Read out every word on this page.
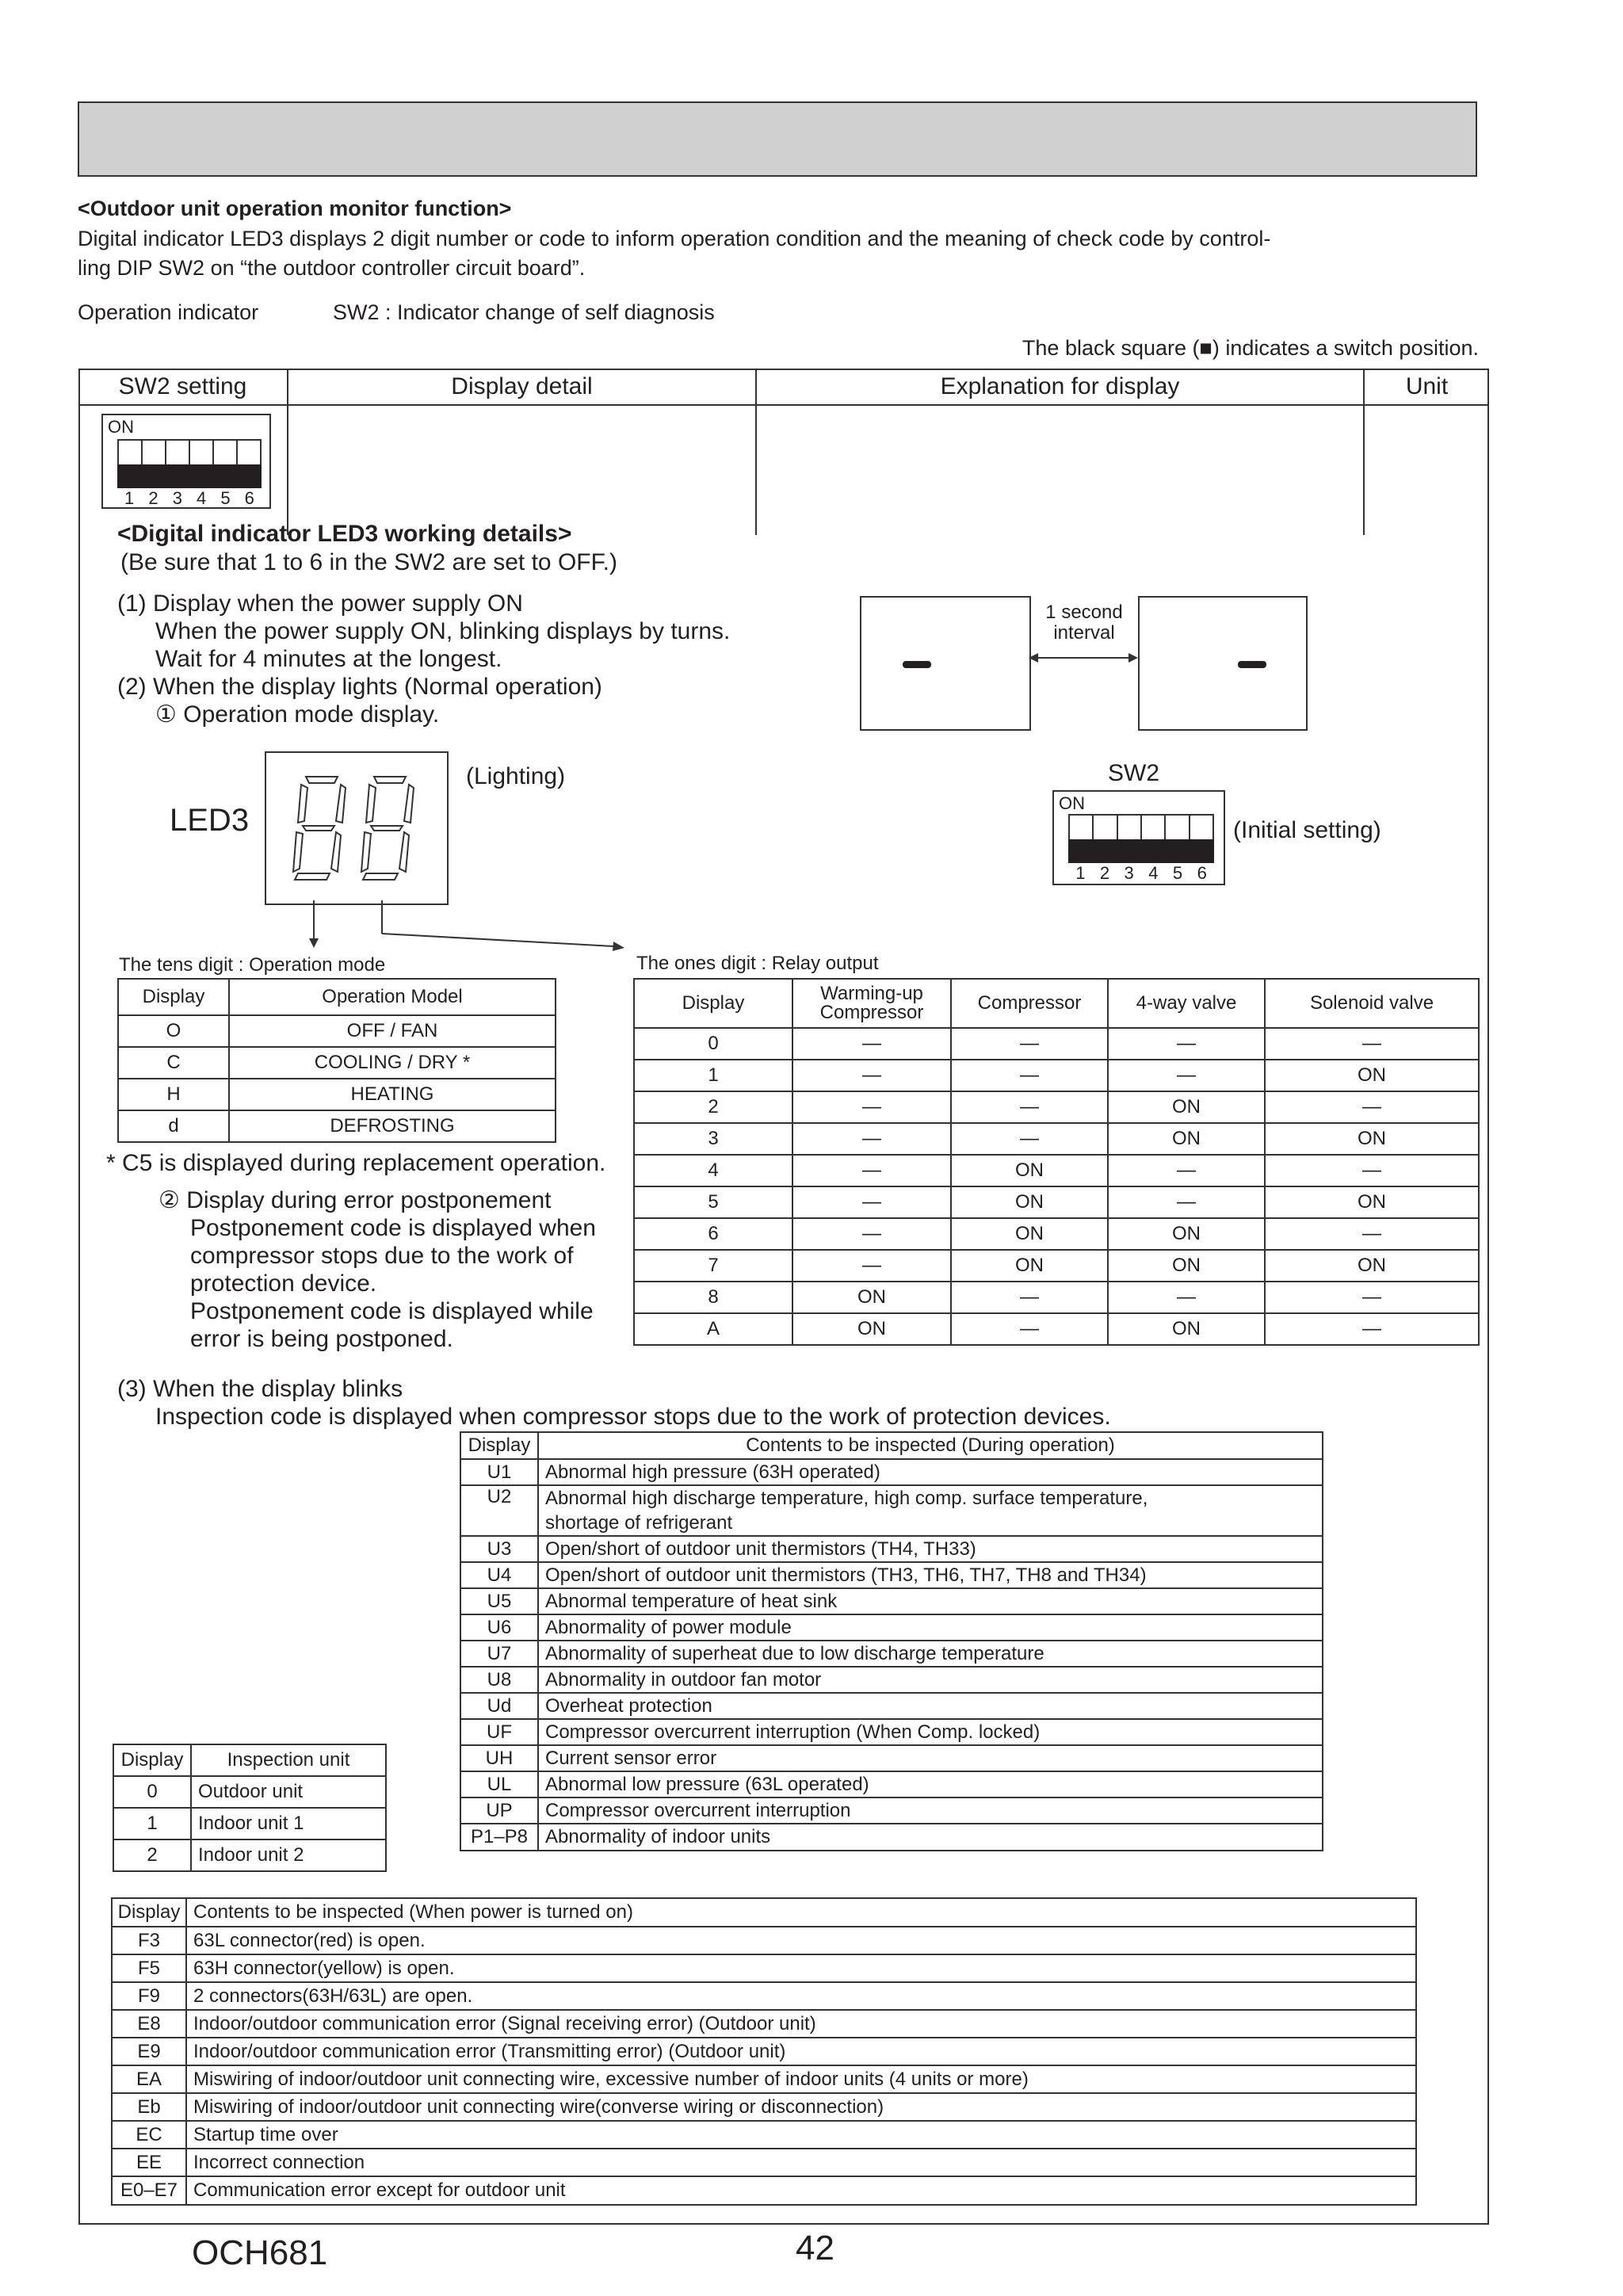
<Outdoor unit operation monitor function>
Digital indicator LED3 displays 2 digit number or code to inform operation condition and the meaning of check code by control-
ling DIP SW2 on “the outdoor controller circuit board”.
Operation indicator	SW2 : Indicator change of self diagnosis
The black square (■) indicates a switch position.
SW2 setting	Display detail	Explanation for display	Unit
ON
1 2 3 4 5 6
<Digital indicator LED3 working details>
(Be sure that 1 to 6 in the SW2 are set to OFF.)
(1) Display when the power supply ON
When the power supply ON, blinking displays by turns.
Wait for 4 minutes at the longest.
(2) When the display lights (Normal operation)
① Operation mode display.
1 second
interval
LED3
(Lighting)	SW2
ON
1 2 3 4 5 6
(Initial setting)
The tens digit : Operation mode
Display	Operation Model
O	OFF / FAN
C	COOLING / DRY *
H	HEATING
d	DEFROSTING
* C5 is displayed during replacement operation.
② Display during error postponement
Postponement code is displayed when
compressor stops due to the work of
protection device.
Postponement code is displayed while
error is being postponed.
The ones digit : Relay output
Display	Warming-up Compressor	Compressor	4-way valve	Solenoid valve
0	—	—	—	—
1	—	—	—	ON
2	—	—	ON	—
3	—	—	ON	ON
4	—	ON	—	—
5	—	ON	—	ON
6	—	ON	ON	—
7	—	ON	ON	ON
8	ON	—	—	—
A	ON	—	ON	—
(3) When the display blinks
Inspection code is displayed when compressor stops due to the work of protection devices.
Display	Contents to be inspected (During operation)
U1	Abnormal high pressure (63H operated)
U2	Abnormal high discharge temperature, high comp. surface temperature,
	shortage of refrigerant
U3	Open/short of outdoor unit thermistors (TH4, TH33)
U4	Open/short of outdoor unit thermistors (TH3, TH6, TH7, TH8 and TH34)
U5	Abnormal temperature of heat sink
U6	Abnormality of power module
U7	Abnormality of superheat due to low discharge temperature
U8	Abnormality in outdoor fan motor
Ud	Overheat protection
UF	Compressor overcurrent interruption (When Comp. locked)
UH	Current sensor error
UL	Abnormal low pressure (63L operated)
UP	Compressor overcurrent interruption
P1–P8	Abnormality of indoor units
Display	Inspection unit
0	Outdoor unit
1	Indoor unit 1
2	Indoor unit 2
Display	Contents to be inspected (When power is turned on)
F3	63L connector(red) is open.
F5	63H connector(yellow) is open.
F9	2 connectors(63H/63L) are open.
E8	Indoor/outdoor communication error (Signal receiving error) (Outdoor unit)
E9	Indoor/outdoor communication error (Transmitting error) (Outdoor unit)
EA	Miswiring of indoor/outdoor unit connecting wire, excessive number of indoor units (4 units or more)
Eb	Miswiring of indoor/outdoor unit connecting wire(converse wiring or disconnection)
EC	Startup time over
EE	Incorrect connection
E0–E7	Communication error except for outdoor unit
OCH681	42
